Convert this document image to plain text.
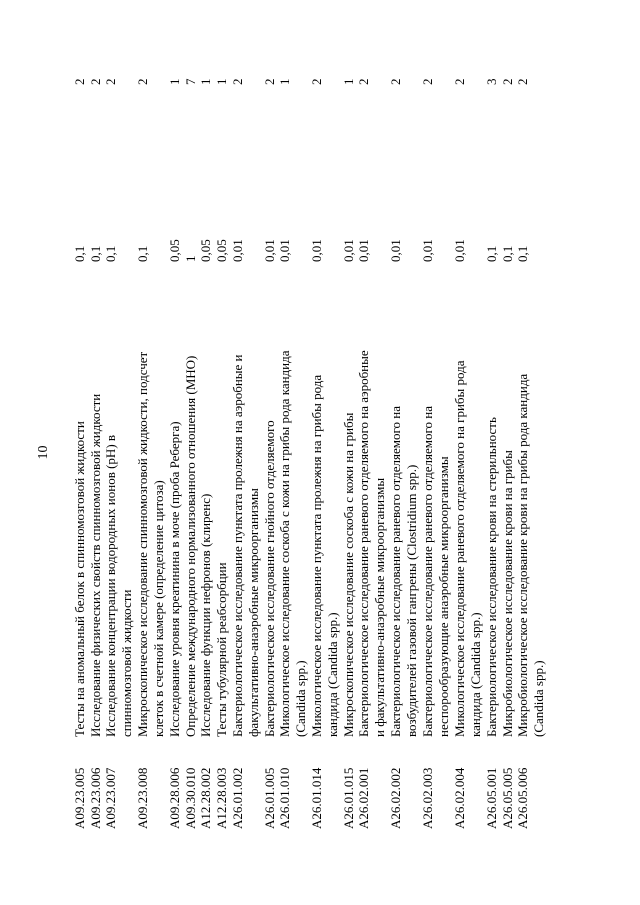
10
A09.23.005
Тесты на аномальный белок в спинномозговой жидкости
0,1
2
A09.23.006
Исследование физических свойств спинномозговой жидкости
0,1
2
A09.23.007
Исследование концентрации водородных ионов (pH) в спинномозговой жидкости
0,1
2
A09.23.008
Микроскопическое исследование спинномозговой жидкости, подсчет клеток в счетной камере (определение цитоза)
0,1
2
A09.28.006
Исследование уровня креатинина в моче (проба Реберга)
0,05
1
A09.30.010
Определение международного нормализованного отношения (МНО)
1
7
A12.28.002
Исследование функции нефронов (клиренс)
0,05
1
A12.28.003
Тесты тубулярной реабсорбции
0,05
1
A26.01.002
Бактериологическое исследование пунктата пролежня на аэробные и факультативно-анаэробные микроорганизмы
0,01
2
A26.01.005
Бактериологическое исследование гнойного отделяемого
0,01
2
A26.01.010
Микологическое исследование соскоба с кожи на грибы рода кандида (Candida spp.)
0,01
1
A26.01.014
Микологическое исследование пунктата пролежня на грибы рода кандида (Candida spp.)
0,01
2
A26.01.015
Микроскопическое исследование соскоба с кожи на грибы
0,01
1
A26.02.001
Бактериологическое исследование раневого отделяемого на аэробные и факультативно-анаэробные микроорганизмы
0,01
2
A26.02.002
Бактериологическое исследование раневого отделяемого на возбудителей газовой гангрены (Clostridium spp.)
0,01
2
A26.02.003
Бактериологическое исследование раневого отделяемого на неспорообразующие анаэробные микроорганизмы
0,01
2
A26.02.004
Микологическое исследование раневого отделяемого на грибы рода кандида (Candida spp.)
0,01
2
A26.05.001
Бактериологическое исследование крови на стерильность
0,1
3
A26.05.005
Микробиологическое исследование крови на грибы
0,1
2
A26.05.006
Микробиологическое исследование крови на грибы рода кандида (Candida spp.)
0,1
2
